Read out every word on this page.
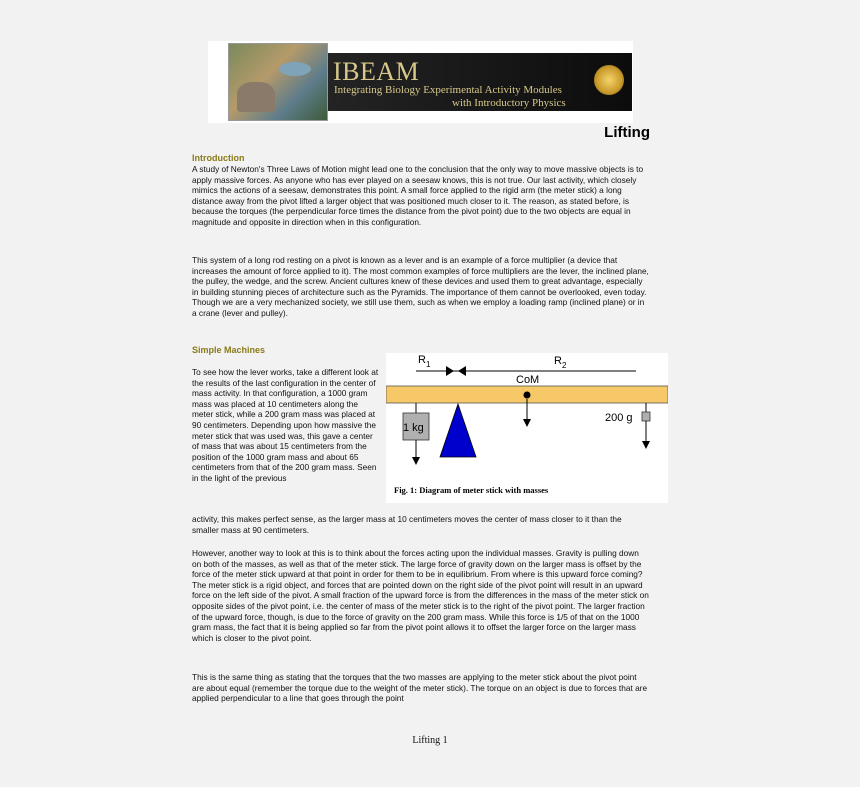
IBEAM
Integrating Biology Experimental Activity Modules
with Introductory Physics
Lifting
Introduction

A study of Newton's Three Laws of Motion might lead one to the conclusion that the only way to move massive objects is to apply massive forces. As anyone who has ever played on a seesaw knows, this is not true. Our last activity, which closely mimics the actions of a seesaw, demonstrates this point. A small force applied to the rigid arm (the meter stick) a long distance away from the pivot lifted a larger object that was positioned much closer to it. The reason, as stated before, is because the torques (the perpendicular force times the distance from the pivot point) due to the two objects are equal in magnitude and opposite in direction when in this configuration.

This system of a long rod resting on a pivot is known as a lever and is an example of a force multiplier (a device that increases the amount of force applied to it). The most common examples of force multipliers are the lever, the inclined plane, the pulley, the wedge, and the screw. Ancient cultures knew of these devices and used them to great advantage, especially in building stunning pieces of architecture such as the Pyramids. The importance of them cannot be overlooked, even today. Though we are a very mechanized society, we still use them, such as when we employ a loading ramp (inclined plane) or in a crane (lever and pulley).

Simple Machines

To see how the lever works, take a different look at the results of the last configuration in the center of mass activity. In that configuration, a 1000 gram mass was placed at 10 centimeters along the meter stick, while a 200 gram mass was placed at 90 centimeters. Depending upon how massive the meter stick that was used was, this gave a center of mass that was about 15 centimeters from the position of the 1000 gram mass and about 65 centimeters from that of the 200 gram mass. Seen in the light of the previous

activity, this makes perfect sense, as the larger mass at 10 centimeters moves the center of mass closer to it than the smaller mass at 90 centimeters.

However, another way to look at this is to think about the forces acting upon the individual masses. Gravity is pulling down on both of the masses, as well as that of the meter stick. The large force of gravity down on the larger mass is offset by the force of the meter stick upward at that point in order for them to be in equilibrium. From where is this upward force coming? The meter stick is a rigid object, and forces that are pointed down on the right side of the pivot point will result in an upward force on the left side of the pivot. A small fraction of the upward force is from the differences in the mass of the meter stick on opposite sides of the pivot point, i.e. the center of mass of the meter stick is to the right of the pivot point. The larger fraction of the upward force, though, is due to the force of gravity on the 200 gram mass. While this force is 1/5 of that on the 1000 gram mass, the fact that it is being applied so far from the pivot point allows it to offset the larger force on the larger mass which is closer to the pivot point.

This is the same thing as stating that the torques that the two masses are applying to the meter stick about the pivot point are about equal (remember the torque due to the weight of the meter stick). The torque on an object is due to forces that are applied perpendicular to a line that goes through the point

$R_1$	$R_2$
CoM
1 kg
200 g
Fig. 1: Diagram of meter stick with masses
Lifting 1
